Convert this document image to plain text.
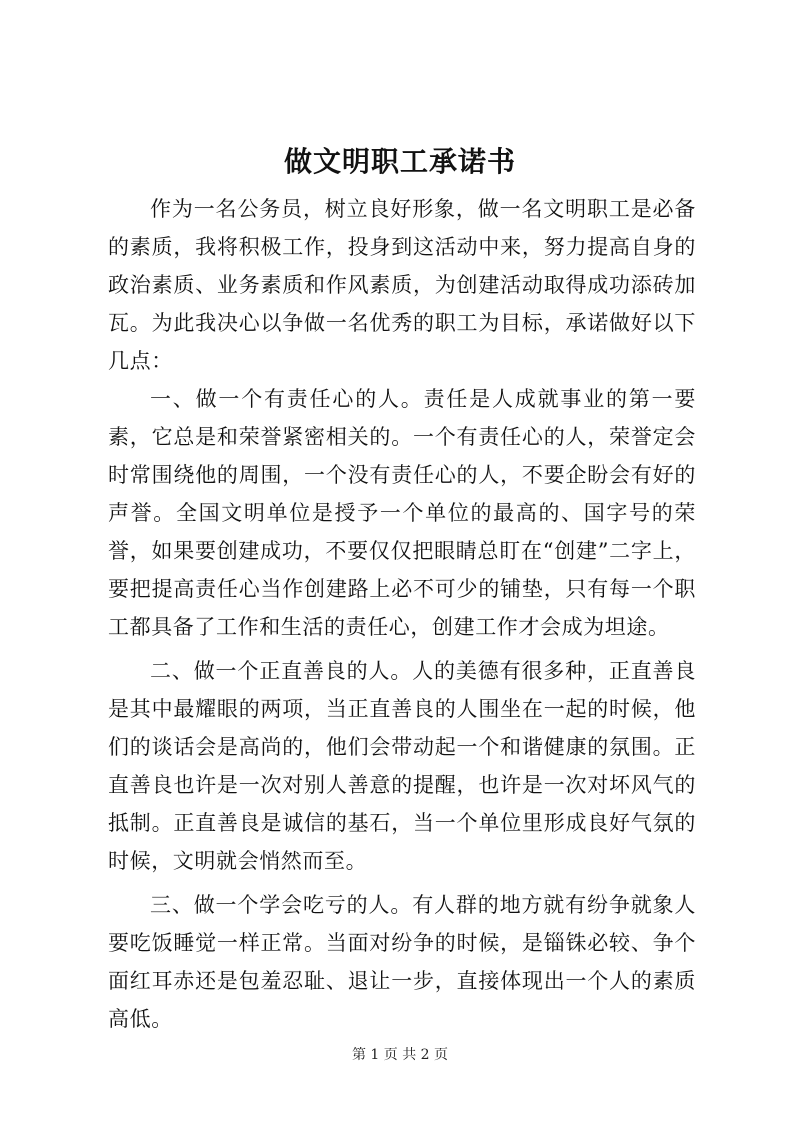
做文明职工承诺书

作为一名公务员，树立良好形象，做一名文明职工是必备的素质，我将积极工作，投身到这活动中来，努力提高自身的政治素质、业务素质和作风素质，为创建活动取得成功添砖加瓦。为此我决心以争做一名优秀的职工为目标，承诺做好以下几点：

一、做一个有责任心的人。责任是人成就事业的第一要素，它总是和荣誉紧密相关的。一个有责任心的人，荣誉定会时常围绕他的周围，一个没有责任心的人，不要企盼会有好的声誉。全国文明单位是授予一个单位的最高的、国字号的荣誉，如果要创建成功，不要仅仅把眼睛总盯在“创建”二字上，要把提高责任心当作创建路上必不可少的铺垫，只有每一个职工都具备了工作和生活的责任心，创建工作才会成为坦途。

二、做一个正直善良的人。人的美德有很多种，正直善良是其中最耀眼的两项，当正直善良的人围坐在一起的时候，他们的谈话会是高尚的，他们会带动起一个和谐健康的氛围。正直善良也许是一次对别人善意的提醒，也许是一次对坏风气的抵制。正直善良是诚信的基石，当一个单位里形成良好气氛的时候，文明就会悄然而至。

三、做一个学会吃亏的人。有人群的地方就有纷争就象人要吃饭睡觉一样正常。当面对纷争的时候，是锱铢必较、争个面红耳赤还是包羞忍耻、退让一步，直接体现出一个人的素质高低。

第 1 页 共 2 页
